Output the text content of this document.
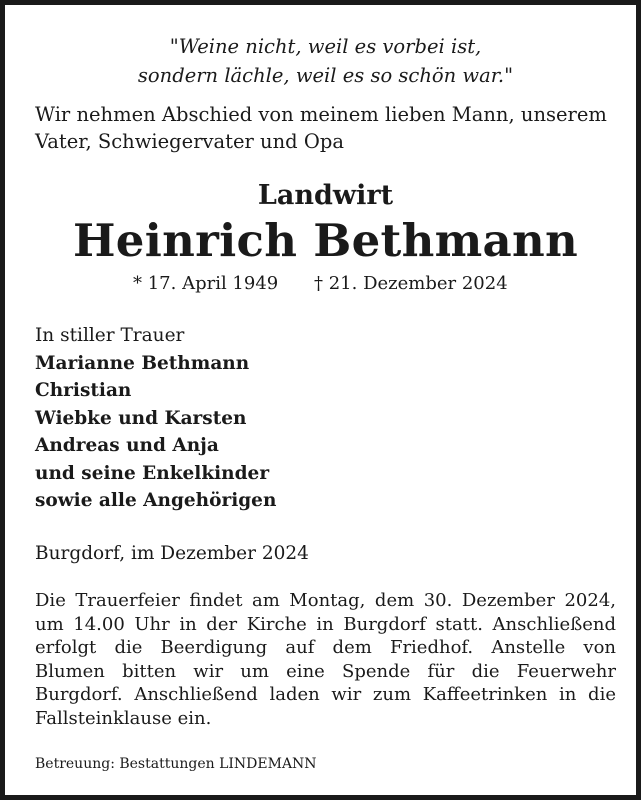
"Weine nicht, weil es vorbei ist,
sondern lächle, weil es so schön war."
Wir nehmen Abschied von meinem lieben Mann, unserem
Vater, Schwiegervater und Opa
Landwirt
Heinrich Bethmann
* 17. April 1949 † 21. Dezember 2024
In stiller Trauer
Marianne Bethmann
Christian
Wiebke und Karsten
Andreas und Anja
und seine Enkelkinder
sowie alle Angehörigen
Burgdorf, im Dezember 2024
Die Trauerfeier findet am Montag, dem 30. Dezember 2024,
um 14.00 Uhr in der Kirche in Burgdorf statt. Anschließend
erfolgt die Beerdigung auf dem Friedhof. Anstelle von
Blumen bitten wir um eine Spende für die Feuerwehr
Burgdorf. Anschließend laden wir zum Kaffeetrinken in die
Fallsteinklause ein.
Betreuung: Bestattungen LINDEMANN
